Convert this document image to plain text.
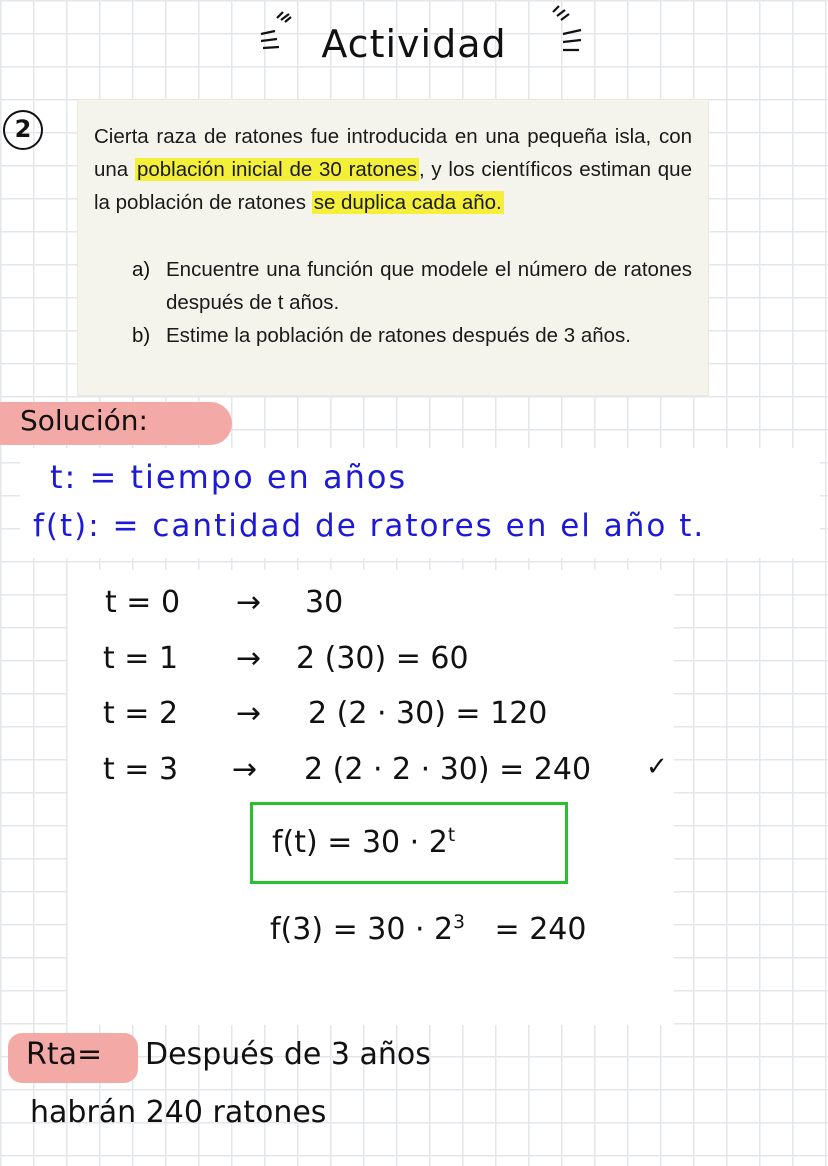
Actividad
2	Cierta raza de ratones fue introducida en una pequeña isla, con una población inicial de 30 ratones, y los científicos estiman que la población de ratones se duplica cada año.
a) Encuentre una función que modele el número de ratones después de t años.
b) Estime la población de ratones después de 3 años.
Solución:
t: = tiempo en años
f(t): = cantidad de ratores en el año t.
t = 0 → 30
t = 1 → 2 (30) = 60
t = 2 → 2 (2 · 30) = 120
t = 3 → 2 (2 · 2 · 30) = 240 ✓
$f(t) = 30 \cdot 2^t$
$f(3) = 30 \cdot 2^3 = 240$
Rta= Después de 3 años
habrán 240 ratones
